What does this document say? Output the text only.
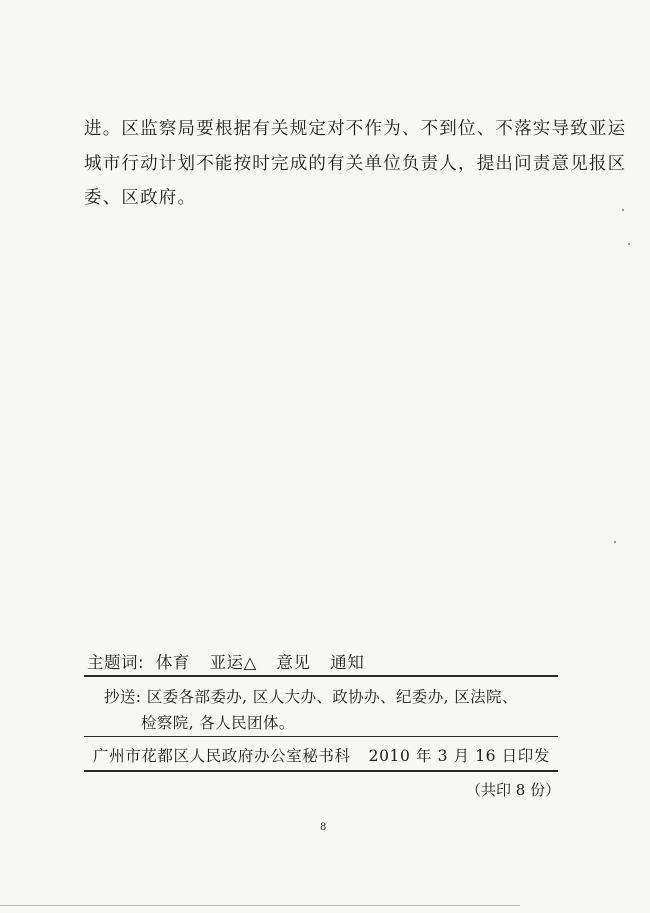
进。区监察局要根据有关规定对不作为、不到位、不落实导致亚运
城市行动计划不能按时完成的有关单位负责人，提出问责意见报区
委、区政府。
主题词: 体育 亚运△ 意见 通知
抄送: 区委各部委办, 区人大办、政协办、纪委办, 区法院、
检察院, 各人民团体。
广州市花都区人民政府办公室秘书科 2010 年 3 月 16 日印发
（共印 8 份）
8
